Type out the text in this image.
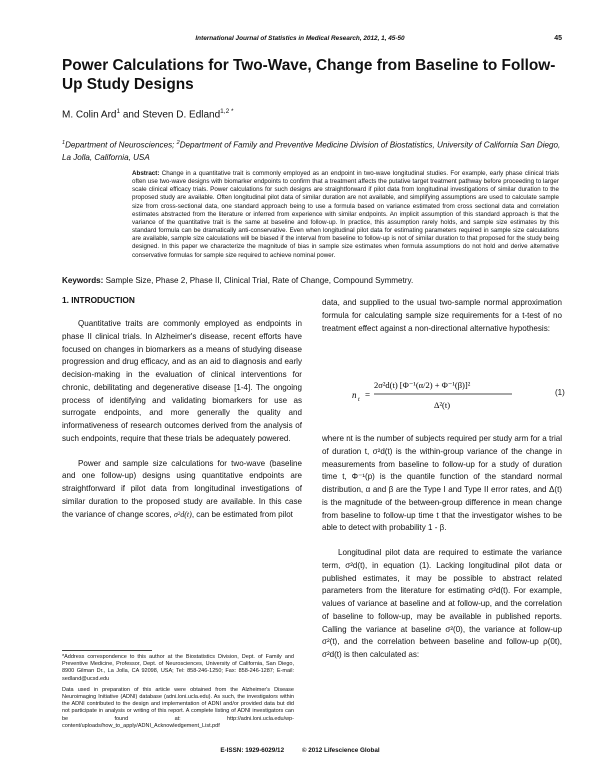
International Journal of Statistics in Medical Research, 2012, 1, 45-50	45
Power Calculations for Two-Wave, Change from Baseline to Follow-Up Study Designs
M. Colin Ard$^1$ and Steven D. Edland$^{1,2 *}$
$^1$Department of Neurosciences; $^2$Department of Family and Preventive Medicine Division of Biostatistics, University of California San Diego, La Jolla, California, USA
Abstract: Change in a quantitative trait is commonly employed as an endpoint in two-wave longitudinal studies. For example, early phase clinical trials often use two-wave designs with biomarker endpoints to confirm that a treatment affects the putative target treatment pathway before proceeding to larger scale clinical efficacy trials. Power calculations for such designs are straightforward if pilot data from longitudinal investigations of similar duration to the proposed study are available. Often longitudinal pilot data of similar duration are not available, and simplifying assumptions are used to calculate sample size from cross-sectional data, one standard approach being to use a formula based on variance estimated from cross sectional data and correlation estimates abstracted from the literature or inferred from experience with similar endpoints. An implicit assumption of this standard approach is that the variance of the quantitative trait is the same at baseline and follow-up. In practice, this assumption rarely holds, and sample size estimates by this standard formula can be dramatically anti-conservative. Even when longitudinal pilot data for estimating parameters required in sample size calculations are available, sample size calculations will be biased if the interval from baseline to follow-up is not of similar duration to that proposed for the study being designed. In this paper we characterize the magnitude of bias in sample size estimates when formula assumptions do not hold and derive alternative conservative formulas for sample size required to achieve nominal power.
Keywords: Sample Size, Phase 2, Phase II, Clinical Trial, Rate of Change, Compound Symmetry.
1. INTRODUCTION

Quantitative traits are commonly employed as endpoints in phase II clinical trials. In Alzheimer's disease, recent efforts have focused on changes in biomarkers as a means of studying disease progression and drug efficacy, and as an aid to diagnosis and early decision-making in the evaluation of clinical interventions for chronic, debilitating and degenerative disease [1-4]. The ongoing process of identifying and validating biomarkers for use as surrogate endpoints, and more generally the quality and informativeness of research outcomes derived from the analysis of such endpoints, require that these trials be adequately powered.

Power and sample size calculations for two-wave (baseline and one follow-up) designs using quantitative endpoints are straightforward if pilot data from longitudinal investigations of similar duration to the proposed study are available. In this case the variance of change scores, σ²d(t), can be estimated from pilot

data, and supplied to the usual two-sample normal approximation formula for calculating sample size requirements for a t-test of no treatment effect against a non-directional alternative hypothesis:

n t =
2σ²d(t) [Φ⁻¹(α/2) + Φ⁻¹(β)]²
Δ²(t)
(1)

where nt is the number of subjects required per study arm for a trial of duration t, σ²d(t) is the within-group variance of the change in measurements from baseline to follow-up for a study of duration time t, Φ⁻¹(p) is the quantile function of the standard normal distribution, α and β are the Type I and Type II error rates, and Δ(t) is the magnitude of the between-group difference in mean change from baseline to follow-up time t that the investigator wishes to be able to detect with probability 1 - β.

Longitudinal pilot data are required to estimate the variance term, σ²d(t), in equation (1). Lacking longitudinal pilot data or published estimates, it may be possible to abstract related parameters from the literature for estimating σ²d(t). For example, values of variance at baseline and at follow-up, and the correlation of baseline to follow-up, may be available in published reports. Calling the variance at baseline σ²(0), the variance at follow-up σ²(t), and the correlation between baseline and follow-up ρ(0t), σ²d(t) is then calculated as:

*Address correspondence to this author at the Biostatistics Division, Dept. of Family and Preventive Medicine, Professor, Dept. of Neurosciences, University of California, San Diego, 8900 Gilman Dr., La Jolla, CA 92098, USA; Tel: 858-246-1250; Fax: 858-246-1287; E-mail: sedland@ucsd.edu

Data used in preparation of this article were obtained from the Alzheimer's Disease Neuroimaging Initiative (ADNI) database (adni.loni.ucla.edu). As such, the investigators within the ADNI contributed to the design and implementation of ADNI and/or provided data but did not participate in analysis or writing of this report. A complete listing of ADNI investigators can be found at: http://adni.loni.ucla.edu/wp-content/uploads/how_to_apply/ADNI_Acknowledgement_List.pdf

E-ISSN: 1929-6029/12	© 2012 Lifescience Global
